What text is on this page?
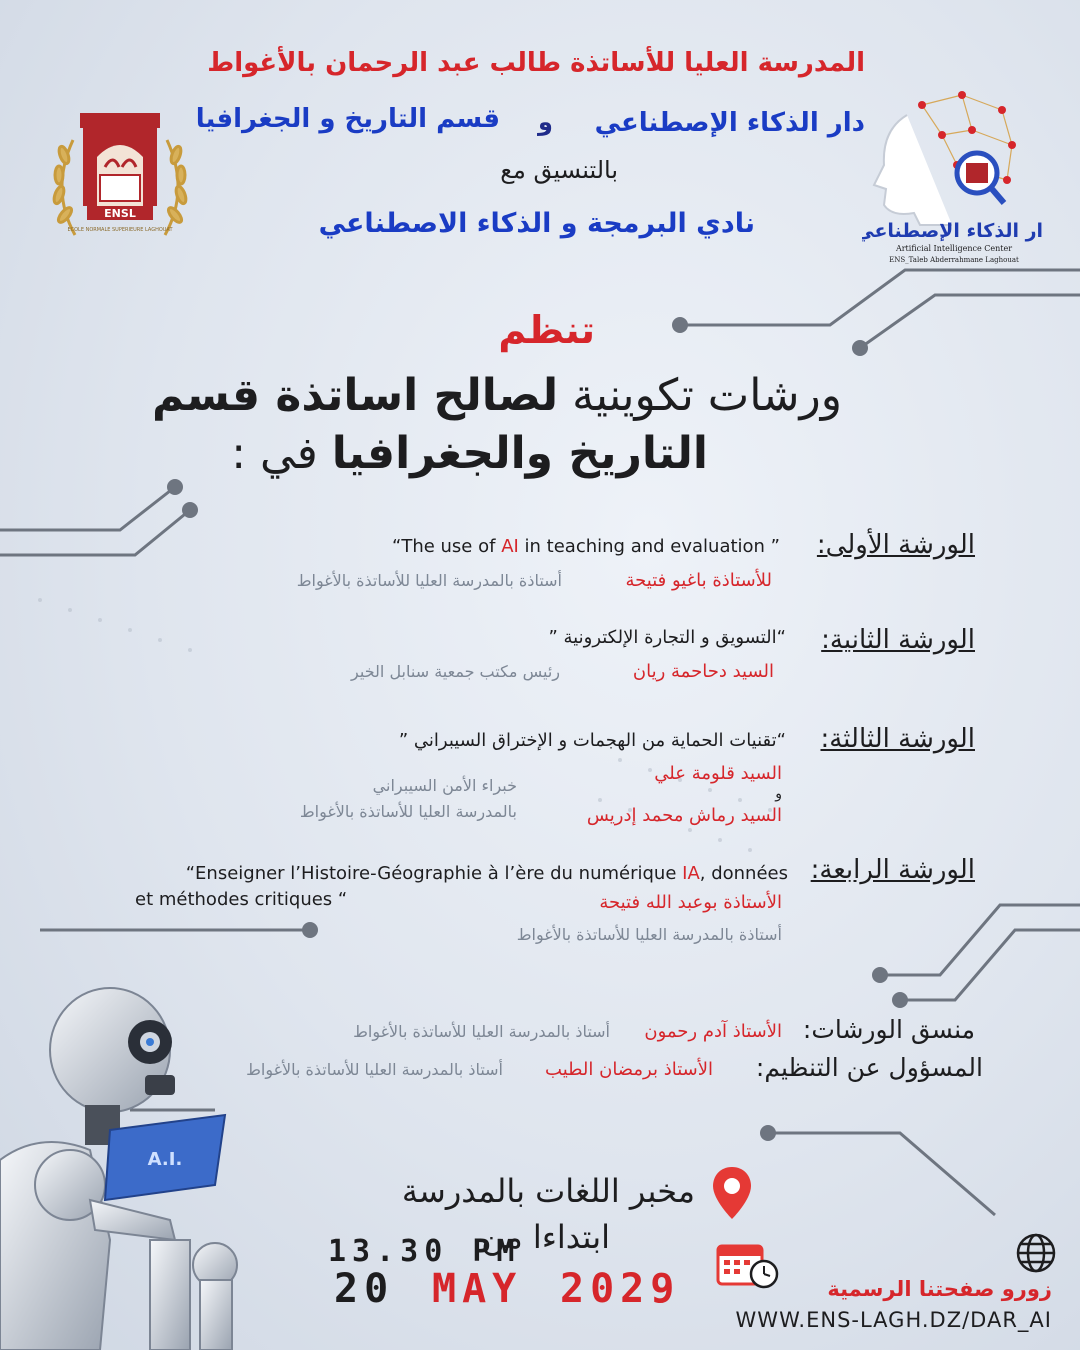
المدرسة العليا للأساتذة طالب عبد الرحمان بالأغواط
دار الذكاء الإصطناعي
و
قسم التاريخ و الجغرافيا
بالتنسيق مع
نادي البرمجة و الذكاء الاصطناعي
ENSL
ECOLE NORMALE SUPERIEURE LAGHOUAT	دار الذكاء الإصطناعي
Artificial Intelligence Center
ENS_Taleb Abderrahmane Laghouat
تنظم
ورشات تكوينية لصالح اساتذة قسم
التاريخ والجغرافيا في :
الورشة الأولى:
“The use of AI in teaching and evaluation ”
للأستاذة باغيو فتيحة
أستاذة بالمدرسة العليا للأساتذة بالأغواط
الورشة الثانية:
“التسويق و التجارة الإلكترونية ”
السيد دحاحمة ريان
رئيس مكتب جمعية سنابل الخير
الورشة الثالثة:
“تقنيات الحماية من الهجمات و الإختراق السيبراني ”
السيد قلومة علي
و
السيد رماش محمد إدريس
خبراء الأمن السيبراني
بالمدرسة العليا للأساتذة بالأغواط
الورشة الرابعة:
“Enseigner l’Histoire-Géographie à l’ère du numérique IA, données
et méthodes critiques “	الأستاذة بوعبد الله فتيحة
أستاذة بالمدرسة العليا للأساتذة بالأغواط
منسق الورشات:
الأستاذ آدم رحمون
أستاذ بالمدرسة العليا للأساتذة بالأغواط
المسؤول عن التنظيم:
الأستاذ برمضان الطيب
أستاذ بالمدرسة العليا للأساتذة بالأغواط
A.I.
مخبر اللغات بالمدرسة
ابتداءا من
13.30 PM
20 MAY 2029	زورو صفحتنا الرسمية
WWW.ENS-LAGH.DZ/DAR_AI
